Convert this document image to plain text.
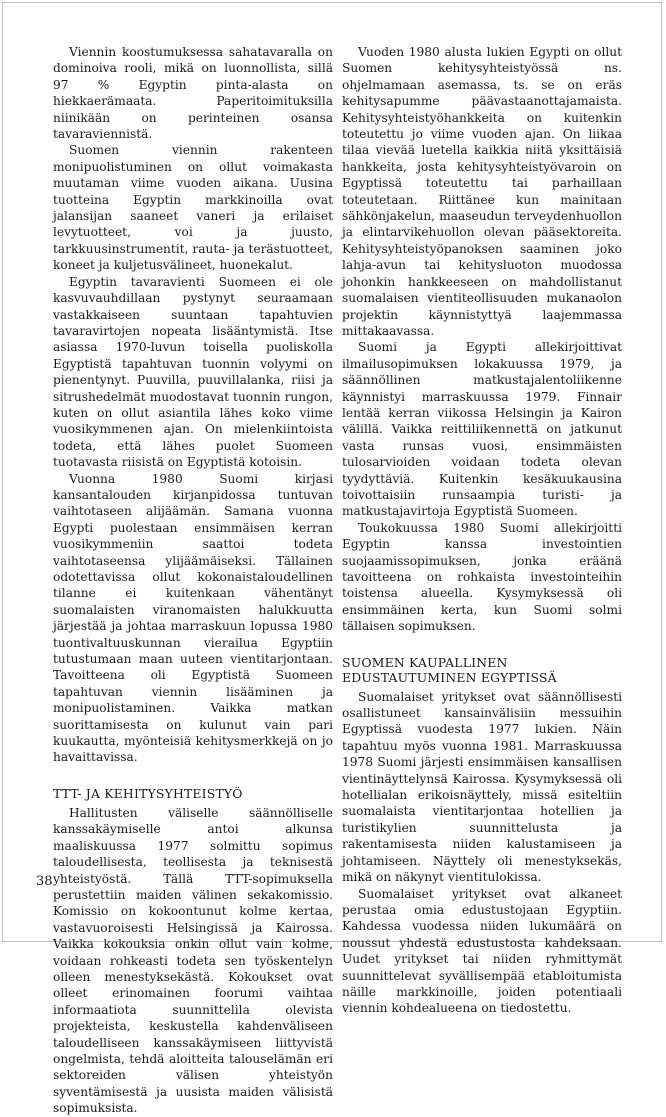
Viennin koostumuksessa sahatavaralla on dominoiva rooli, mikä on luonnollista, sillä 97 % Egyptin pinta-alasta on hiekkaerämaata. Paperitoimituksilla niinikään on perinteinen osansa tavaraviennistä.

Suomen viennin rakenteen monipuolistuminen on ollut voimakasta muutaman viime vuoden aikana. Uusina tuotteina Egyptin markkinoilla ovat jalansijan saaneet vaneri ja erilaiset levytuotteet, voi ja juusto, tarkkuusinstrumentit, rauta- ja terästuotteet, koneet ja kuljetusvälineet, huonekalut.

Egyptin tavaravienti Suomeen ei ole kasvuvauhdillaan pystynyt seuraamaan vastakkaiseen suuntaan tapahtuvien tavaravirtojen nopeata lisääntymistä. Itse asiassa 1970-luvun toisella puoliskolla Egyptistä tapahtuvan tuonnin volyymi on pienentynyt. Puuvilla, puuvillalanka, riisi ja sitrushedelmät muodostavat tuonnin rungon, kuten on ollut asiantila lähes koko viime vuosikymmenen ajan. On mielenkiintoista todeta, että lähes puolet Suomeen tuotavasta riisistä on Egyptistä kotoisin.

Vuonna 1980 Suomi kirjasi kansantalouden kirjanpidossa tuntuvan vaihtotaseen alijäämän. Samana vuonna Egypti puolestaan ensimmäisen kerran vuosikymmeniin saattoi todeta vaihtotaseensa ylijäämäiseksi. Tällainen odotettavissa ollut kokonaistaloudellinen tilanne ei kuitenkaan vähentänyt suomalaisten viranomaisten halukkuutta järjestää ja johtaa marraskuun lopussa 1980 tuontivaltuuskunnan vierailua Egyptiin tutustumaan maan uuteen vientitarjontaan. Tavoitteena oli Egyptistä Suomeen tapahtuvan viennin lisääminen ja monipuolistaminen. Vaikka matkan suorittamisesta on kulunut vain pari kuukautta, myönteisiä kehitysmerkkejä on jo havaittavissa.

TTT- JA KEHITYSYHTEISTYÖ

Hallitusten väliselle säännölliselle kanssakäymiselle antoi alkunsa maaliskuussa 1977 solmittu sopimus taloudellisesta, teollisesta ja teknisestä yhteistyöstä. Tällä TTT-sopimuksella perustettiin maiden välinen sekakomissio. Komissio on kokoontunut kolme kertaa, vastavuoroisesti Helsingissä ja Kairossa. Vaikka kokouksia onkin ollut vain kolme, voidaan rohkeasti todeta sen työskentelyn olleen menestyksekästä. Kokoukset ovat olleet erinomainen foorumi vaihtaa informaatiota suunnittelila olevista projekteista, keskustella kahdenväliseen taloudelliseen kanssakäymiseen liittyvistä ongelmista, tehdä aloitteita talouselämän eri sektoreiden välisen yhteistyön syventämisestä ja uusista maiden välisistä sopimuksista.

Vuoden 1980 alusta lukien Egypti on ollut Suomen kehitysyhteistyössä ns. ohjelmamaan asemassa, ts. se on eräs kehitysapumme päävastaanottajamaista. Kehitysyhteistyöhankkeita on kuitenkin toteutettu jo viime vuoden ajan. On liikaa tilaa vievää luetella kaikkia niitä yksittäisiä hankkeita, josta kehitysyhteistyövaroin on Egyptissä toteutettu tai parhaillaan toteutetaan. Riittänee kun mainitaan sähkönjakelun, maaseudun terveydenhuollon ja elintarvikehuollon olevan pääsektoreita. Kehitysyhteistyöpanoksen saaminen joko lahja-avun tai kehitysluoton muodossa johonkin hankkeeseen on mahdollistanut suomalaisen vientiteollisuuden mukanaolon projektin käynnistyttyä laajemmassa mittakaavassa.

Suomi ja Egypti allekirjoittivat ilmailusopimuksen lokakuussa 1979, ja säännöllinen matkustajalentoliikenne käynnistyi marraskuussa 1979. Finnair lentää kerran viikossa Helsingin ja Kairon välillä. Vaikka reittiliikennettä on jatkunut vasta runsas vuosi, ensimmäisten tulosarvioiden voidaan todeta olevan tyydyttäviä. Kuitenkin kesäkuukausina toivottaisiin runsaampia turisti- ja matkustajavirtoja Egyptistä Suomeen.

Toukokuussa 1980 Suomi allekirjoitti Egyptin kanssa investointien suojaamissopimuksen, jonka eräänä tavoitteena on rohkaista investointeihin toistensa alueella. Kysymyksessä oli ensimmäinen kerta, kun Suomi solmi tällaisen sopimuksen.

SUOMEN KAUPALLINEN EDUSTAUTUMINEN EGYPTISSÄ

Suomalaiset yritykset ovat säännöllisesti osallistuneet kansainvälisiin messuihin Egyptissä vuodesta 1977 lukien. Näin tapahtuu myös vuonna 1981. Marraskuussa 1978 Suomi järjesti ensimmäisen kansallisen vientinäyttelynsä Kairossa. Kysymyksessä oli hotellialan erikoisnäyttely, missä esiteltiin suomalaista vientitarjontaa hotellien ja turistikylien suunnittelusta ja rakentamisesta niiden kalustamiseen ja johtamiseen. Näyttely oli menestyksekäs, mikä on näkynyt vientitulokissa.

Suomalaiset yritykset ovat alkaneet perustaa omia edustustojaan Egyptiin. Kahdessa vuodessa niiden lukumäärä on noussut yhdestä edustustosta kahdeksaan. Uudet yritykset tai niiden ryhmittymät suunnittelevat syvällisempää etabloitumista näille markkinoille, joiden potentiaali viennin kohdealueena on tiedostettu.

38
